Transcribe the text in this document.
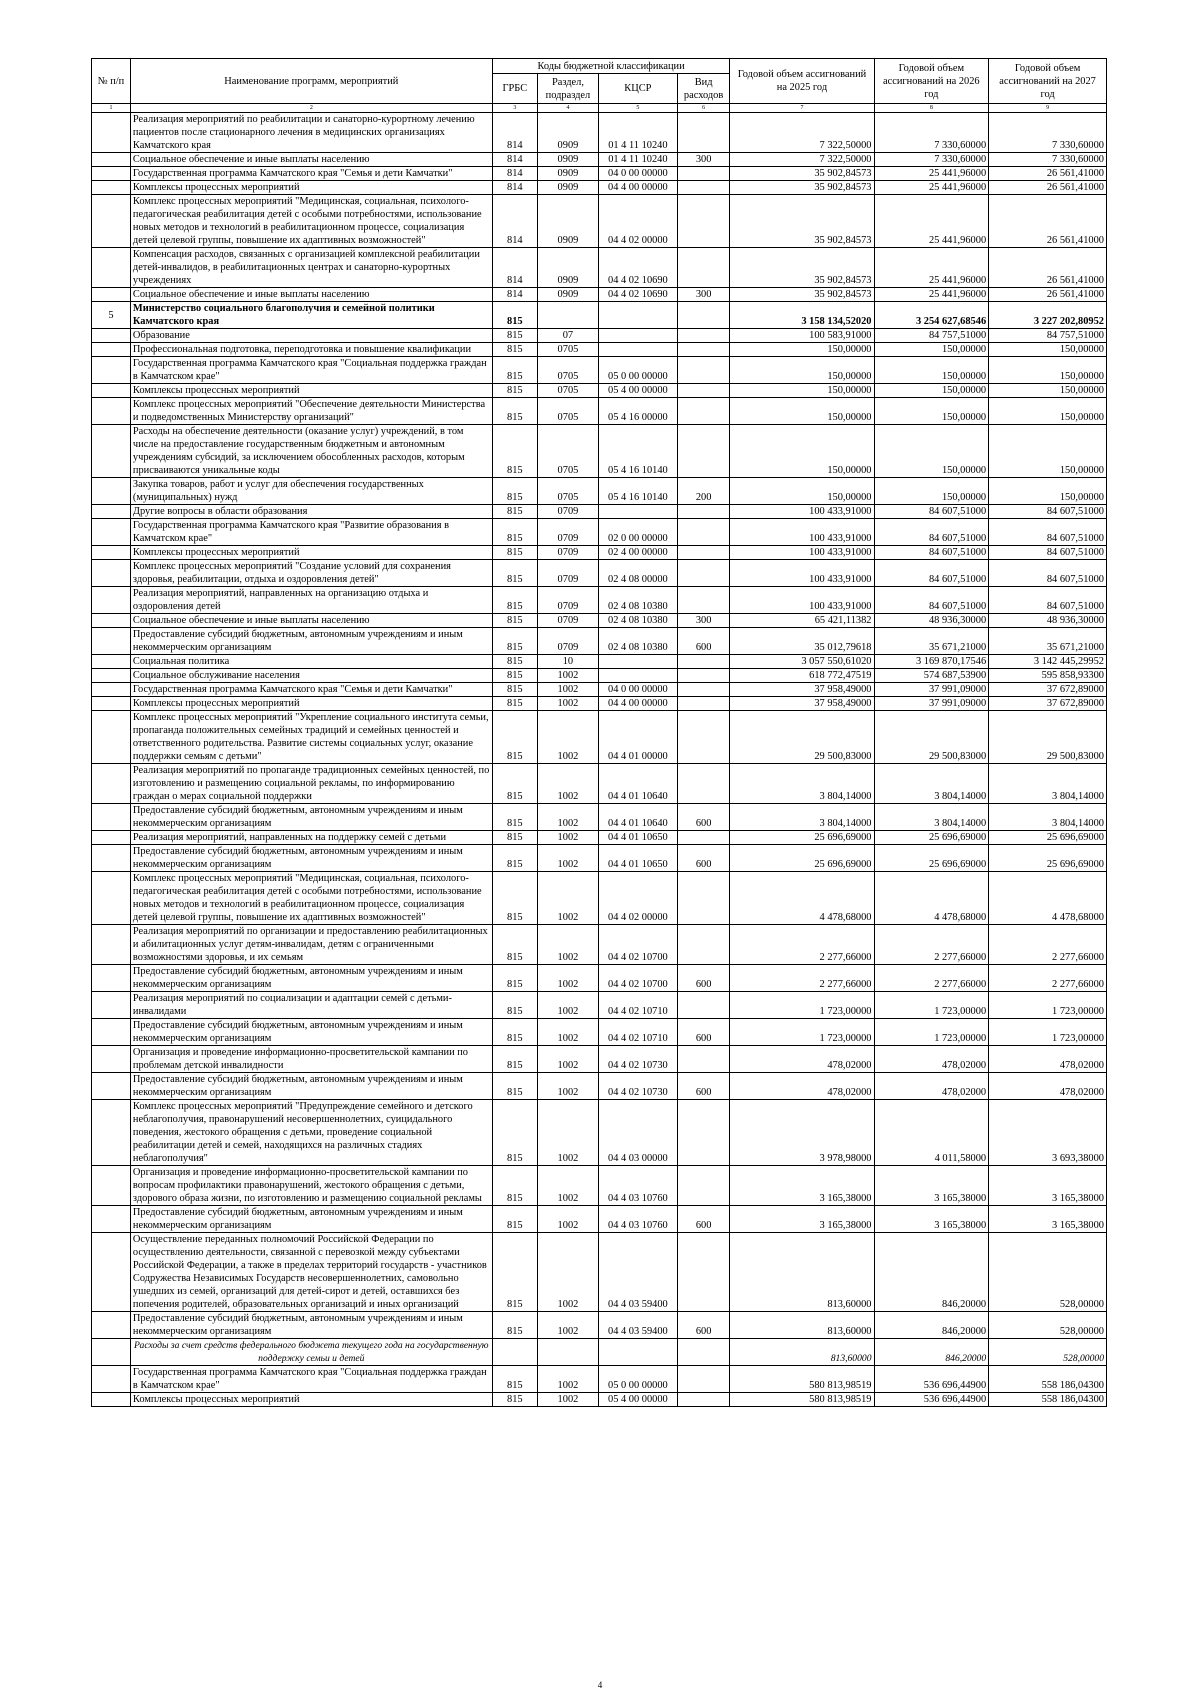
№ п/п	Наименование программ, мероприятий	Коды бюджетной классификации				Годовой объем ассигнований на 2025 год	Годовой объем ассигнований на 2026 год	Годовой объем ассигнований на 2027 год
		ГРБС	Раздел, подраздел	КЦСР	Вид расходов			
1	2	3	4	5	6	7	8	9
	Реализация мероприятий по реабилитации и санаторно-курортному лечению пациентов после стационарного лечения в медицинских организациях Камчатского края	814	0909	01 4 11 10240		7 322,50000	7 330,60000	7 330,60000
	Социальное обеспечение и иные выплаты населению	814	0909	01 4 11 10240	300	7 322,50000	7 330,60000	7 330,60000
	Государственная программа Камчатского края "Семья и дети Камчатки"	814	0909	04 0 00 00000		35 902,84573	25 441,96000	26 561,41000
	Комплексы процессных мероприятий	814	0909	04 4 00 00000		35 902,84573	25 441,96000	26 561,41000
	Комплекс процессных мероприятий "Медицинская, социальная, психолого-педагогическая реабилитация детей с особыми потребностями, использование новых методов и технологий в реабилитационном процессе, социализация детей целевой группы, повышение их адаптивных возможностей"	814	0909	04 4 02 00000		35 902,84573	25 441,96000	26 561,41000
	Компенсация расходов, связанных с организацией комплексной реабилитации детей-инвалидов, в реабилитационных центрах и санаторно-курортных учреждениях	814	0909	04 4 02 10690		35 902,84573	25 441,96000	26 561,41000
	Социальное обеспечение и иные выплаты населению	814	0909	04 4 02 10690	300	35 902,84573	25 441,96000	26 561,41000
5	Министерство социального благополучия и семейной политики Камчатского края	815				3 158 134,52020	3 254 627,68546	3 227 202,80952
	Образование	815	07			100 583,91000	84 757,51000	84 757,51000
	Профессиональная подготовка, переподготовка и повышение квалификации	815	0705			150,00000	150,00000	150,00000
	Государственная программа Камчатского края "Социальная поддержка граждан в Камчатском крае"	815	0705	05 0 00 00000		150,00000	150,00000	150,00000
	Комплексы процессных мероприятий	815	0705	05 4 00 00000		150,00000	150,00000	150,00000
	Комплекс процессных мероприятий "Обеспечение деятельности Министерства и подведомственных Министерству организаций"	815	0705	05 4 16 00000		150,00000	150,00000	150,00000
	Расходы на обеспечение деятельности (оказание услуг) учреждений, в том числе на предоставление государственным бюджетным и автономным учреждениям субсидий, за исключением обособленных расходов, которым присваиваются уникальные коды	815	0705	05 4 16 10140		150,00000	150,00000	150,00000
	Закупка товаров, работ и услуг для обеспечения государственных (муниципальных) нужд	815	0705	05 4 16 10140	200	150,00000	150,00000	150,00000
	Другие вопросы в области образования	815	0709			100 433,91000	84 607,51000	84 607,51000
	Государственная программа Камчатского края "Развитие образования в Камчатском крае"	815	0709	02 0 00 00000		100 433,91000	84 607,51000	84 607,51000
	Комплексы процессных мероприятий	815	0709	02 4 00 00000		100 433,91000	84 607,51000	84 607,51000
	Комплекс процессных мероприятий "Создание условий для сохранения здоровья, реабилитации, отдыха и оздоровления детей"	815	0709	02 4 08 00000		100 433,91000	84 607,51000	84 607,51000
	Реализация мероприятий, направленных на организацию отдыха и оздоровления детей	815	0709	02 4 08 10380		100 433,91000	84 607,51000	84 607,51000
	Социальное обеспечение и иные выплаты населению	815	0709	02 4 08 10380	300	65 421,11382	48 936,30000	48 936,30000
	Предоставление субсидий бюджетным, автономным учреждениям и иным некоммерческим организациям	815	0709	02 4 08 10380	600	35 012,79618	35 671,21000	35 671,21000
	Социальная политика	815	10			3 057 550,61020	3 169 870,17546	3 142 445,29952
	Социальное обслуживание населения	815	1002			618 772,47519	574 687,53900	595 858,93300
	Государственная программа Камчатского края "Семья и дети Камчатки"	815	1002	04 0 00 00000		37 958,49000	37 991,09000	37 672,89000
	Комплексы процессных мероприятий	815	1002	04 4 00 00000		37 958,49000	37 991,09000	37 672,89000
	Комплекс процессных мероприятий "Укрепление социального института семьи, пропаганда положительных семейных традиций и семейных ценностей и ответственного родительства. Развитие системы социальных услуг, оказание поддержки семьям с детьми"	815	1002	04 4 01 00000		29 500,83000	29 500,83000	29 500,83000
	Реализация мероприятий по пропаганде традиционных семейных ценностей, по изготовлению и размещению социальной рекламы, по информированию граждан о мерах социальной поддержки	815	1002	04 4 01 10640		3 804,14000	3 804,14000	3 804,14000
	Предоставление субсидий бюджетным, автономным учреждениям и иным некоммерческим организациям	815	1002	04 4 01 10640	600	3 804,14000	3 804,14000	3 804,14000
	Реализация мероприятий, направленных на поддержку семей с детьми	815	1002	04 4 01 10650		25 696,69000	25 696,69000	25 696,69000
	Предоставление субсидий бюджетным, автономным учреждениям и иным некоммерческим организациям	815	1002	04 4 01 10650	600	25 696,69000	25 696,69000	25 696,69000
	Комплекс процессных мероприятий "Медицинская, социальная, психолого-педагогическая реабилитация детей с особыми потребностями, использование новых методов и технологий в реабилитационном процессе, социализация детей целевой группы, повышение их адаптивных возможностей"	815	1002	04 4 02 00000		4 478,68000	4 478,68000	4 478,68000
	Реализация мероприятий по организации и предоставлению реабилитационных и абилитационных услуг детям-инвалидам, детям с ограниченными возможностями здоровья, и их семьям	815	1002	04 4 02 10700		2 277,66000	2 277,66000	2 277,66000
	Предоставление субсидий бюджетным, автономным учреждениям и иным некоммерческим организациям	815	1002	04 4 02 10700	600	2 277,66000	2 277,66000	2 277,66000
	Реализация мероприятий по социализации и адаптации семей с детьми-инвалидами	815	1002	04 4 02 10710		1 723,00000	1 723,00000	1 723,00000
	Предоставление субсидий бюджетным, автономным учреждениям и иным некоммерческим организациям	815	1002	04 4 02 10710	600	1 723,00000	1 723,00000	1 723,00000
	Организация и проведение информационно-просветительской кампании по проблемам детской инвалидности	815	1002	04 4 02 10730		478,02000	478,02000	478,02000
	Предоставление субсидий бюджетным, автономным учреждениям и иным некоммерческим организациям	815	1002	04 4 02 10730	600	478,02000	478,02000	478,02000
	Комплекс процессных мероприятий "Предупреждение семейного и детского неблагополучия, правонарушений несовершеннолетних, суицидального поведения, жестокого обращения с детьми, проведение социальной реабилитации детей и семей, находящихся на различных стадиях неблагополучия"	815	1002	04 4 03 00000		3 978,98000	4 011,58000	3 693,38000
	Организация и проведение информационно-просветительской кампании по вопросам профилактики правонарушений, жестокого обращения с детьми, здорового образа жизни, по изготовлению и размещению социальной рекламы	815	1002	04 4 03 10760		3 165,38000	3 165,38000	3 165,38000
	Предоставление субсидий бюджетным, автономным учреждениям и иным некоммерческим организациям	815	1002	04 4 03 10760	600	3 165,38000	3 165,38000	3 165,38000
	Осуществление переданных полномочий Российской Федерации по осуществлению деятельности, связанной с перевозкой между субъектами Российской Федерации, а также в пределах территорий государств - участников Содружества Независимых Государств несовершеннолетних, самовольно ушедших из семей, организаций для детей-сирот и детей, оставшихся без попечения родителей, образовательных организаций и иных организаций	815	1002	04 4 03 59400		813,60000	846,20000	528,00000
	Предоставление субсидий бюджетным, автономным учреждениям и иным некоммерческим организациям	815	1002	04 4 03 59400	600	813,60000	846,20000	528,00000
	Расходы за счет средств федерального бюджета текущего года на государственную поддержку семьи и детей					813,60000	846,20000	528,00000
	Государственная программа Камчатского края "Социальная поддержка граждан в Камчатском крае"	815	1002	05 0 00 00000		580 813,98519	536 696,44900	558 186,04300
	Комплексы процессных мероприятий	815	1002	05 4 00 00000		580 813,98519	536 696,44900	558 186,04300
4
